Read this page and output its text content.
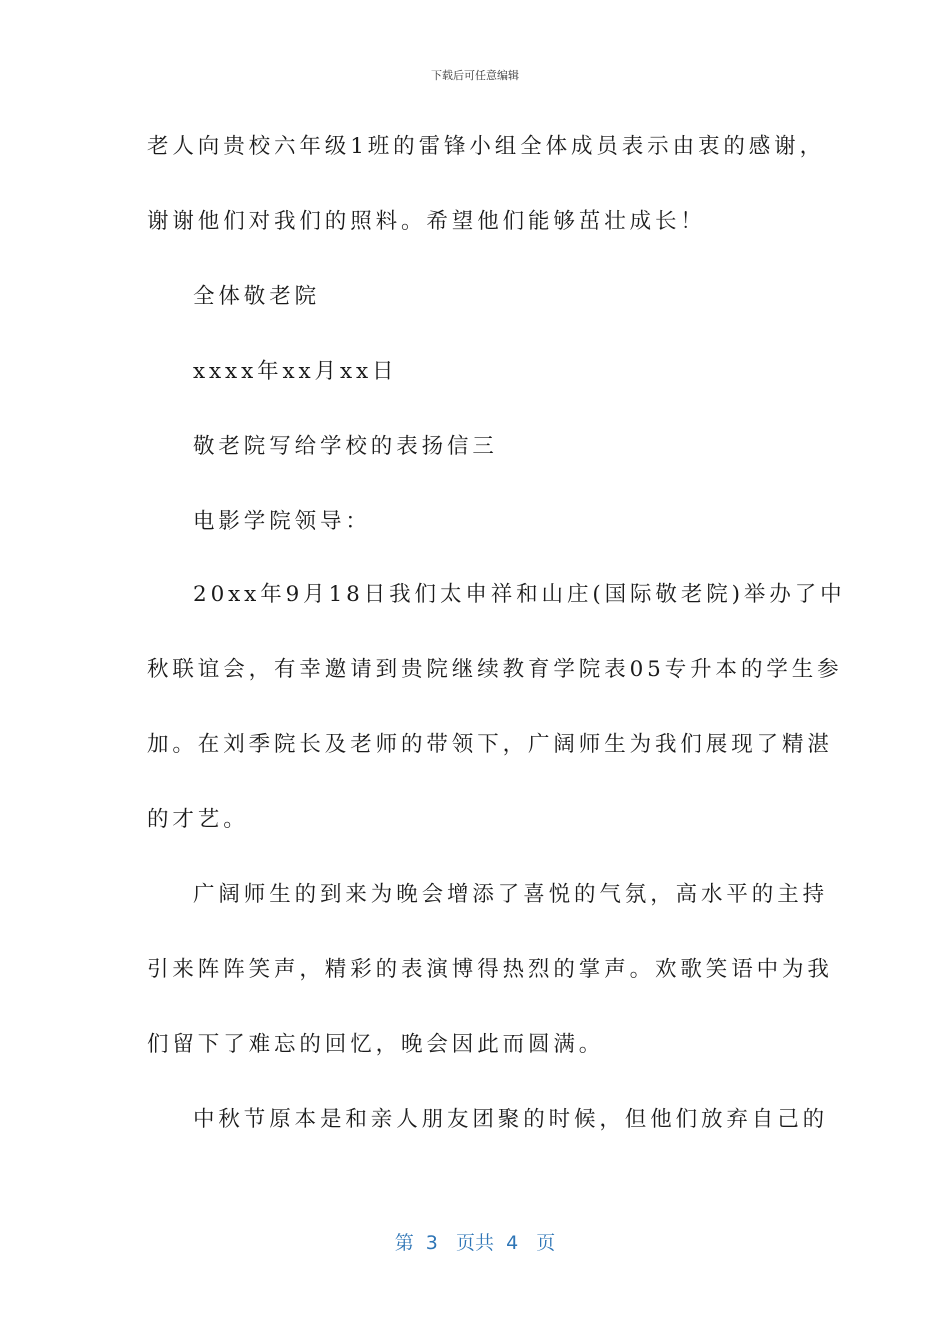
下载后可任意编辑
老人向贵校六年级1班的雷锋小组全体成员表示由衷的感谢，
谢谢他们对我们的照料。希望他们能够茁壮成长！
全体敬老院
xxxx年xx月xx日
敬老院写给学校的表扬信三
电影学院领导：
20xx年9月18日我们太申祥和山庄(国际敬老院)举办了中
秋联谊会，有幸邀请到贵院继续教育学院表05专升本的学生参
加。在刘季院长及老师的带领下，广阔师生为我们展现了精湛
的才艺。
广阔师生的到来为晚会增添了喜悦的气氛，高水平的主持
引来阵阵笑声，精彩的表演博得热烈的掌声。欢歌笑语中为我
们留下了难忘的回忆，晚会因此而圆满。
中秋节原本是和亲人朋友团聚的时候，但他们放弃自己的
第  3   页共  4   页
